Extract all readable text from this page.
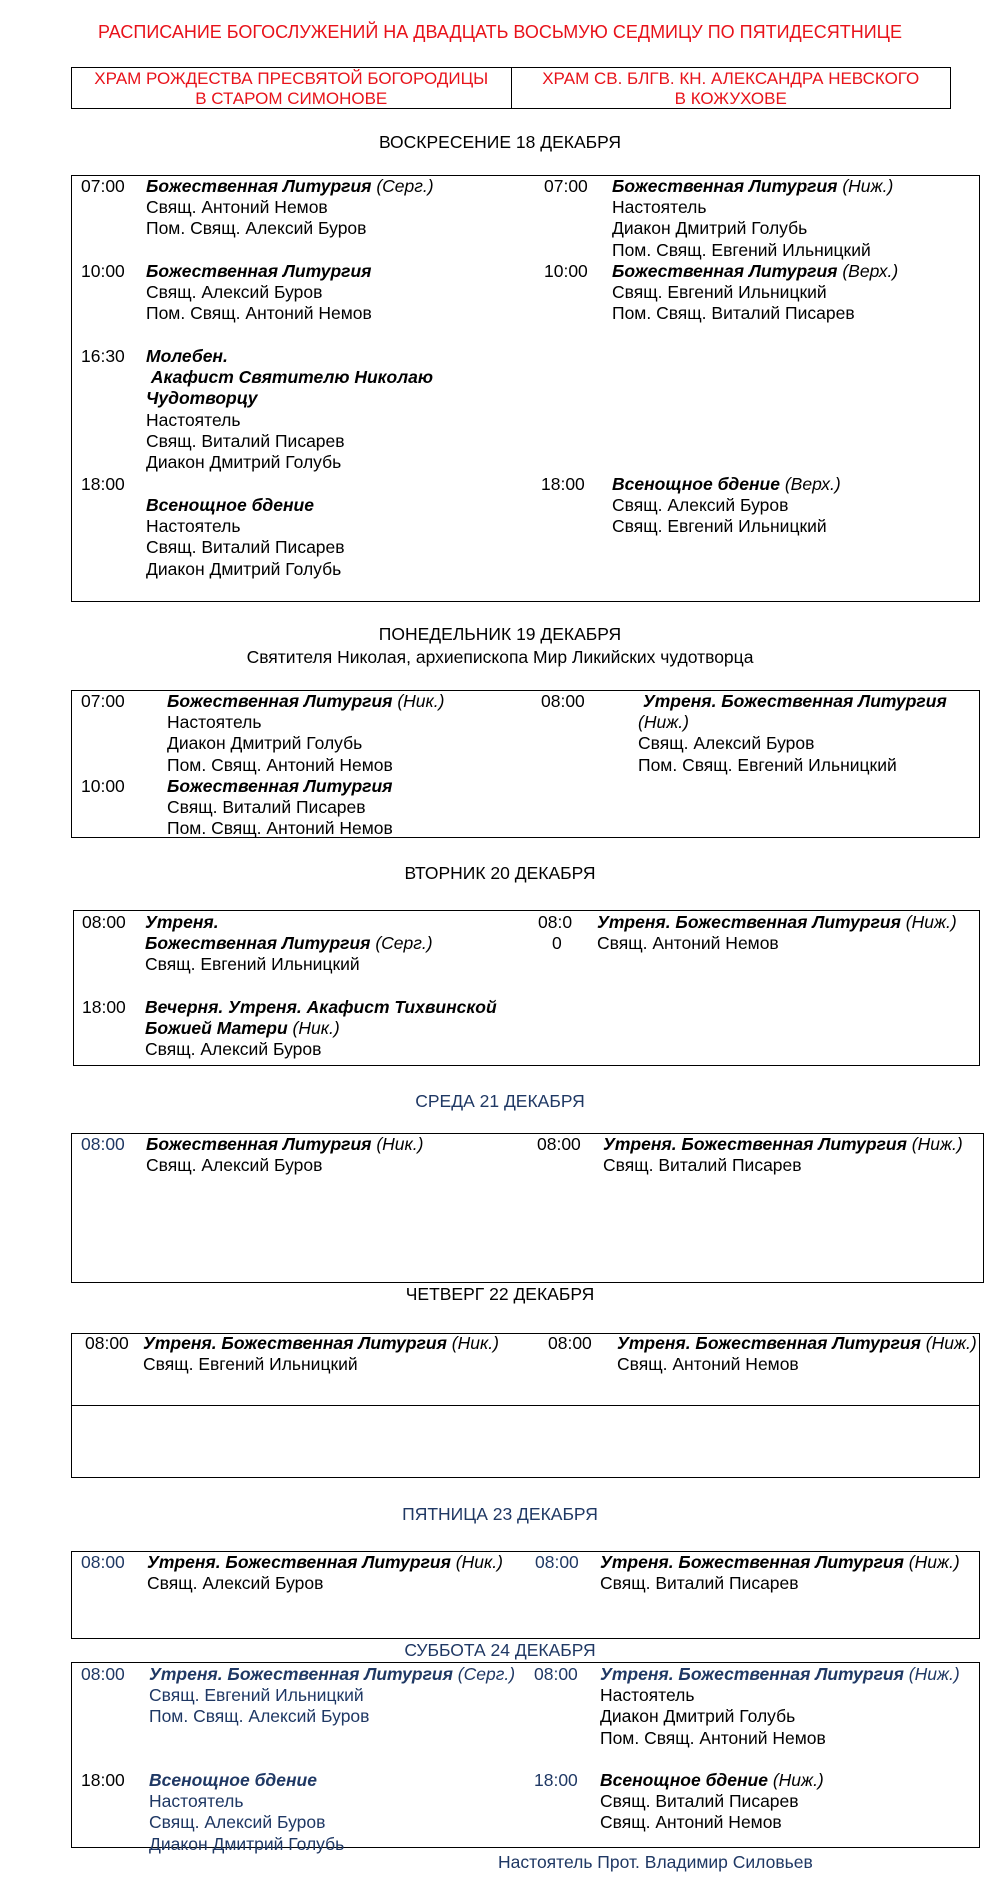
РАСПИСАНИЕ БОГОСЛУЖЕНИЙ НА ДВАДЦАТЬ ВОСЬМУЮ СЕДМИЦУ ПО ПЯТИДЕСЯТНИЦЕ
ХРАМ РОЖДЕСТВА ПРЕСВЯТОЙ БОГОРОДИЦЫ
В СТАРОМ СИМОНОВЕ
ХРАМ СВ. БЛГВ. КН. АЛЕКСАНДРА НЕВСКОГО
В КОЖУХОВЕ
ВОСКРЕСЕНИЕ 18 ДЕКАБРЯ
07:00 Божественная Литургия (Серг.)
Свящ. Антоний Немов
Пом. Свящ. Алексий Буров
10:00 Божественная Литургия
Свящ. Алексий Буров
Пом. Свящ. Антоний Немов
16:30 Молебен.
Акафист Святителю Николаю
Чудотворцу
Настоятель
Свящ. Виталий Писарев
Диакон Дмитрий Голубь
18:00
Всенощное бдение
Настоятель
Свящ. Виталий Писарев
Диакон Дмитрий Голубь
07:00 Божественная Литургия (Ниж.)
Настоятель
Диакон Дмитрий Голубь
Пом. Свящ. Евгений Ильницкий
10:00 Божественная Литургия (Верх.)
Свящ. Евгений Ильницкий
Пом. Свящ. Виталий Писарев
18:00 Всенощное бдение (Верх.)
Свящ. Алексий Буров
Свящ. Евгений Ильницкий
ПОНЕДЕЛЬНИК 19 ДЕКАБРЯ
Святителя Николая, архиепископа Мир Ликийских чудотворца
07:00 Божественная Литургия (Ник.)
Настоятель
Диакон Дмитрий Голубь
Пом. Свящ. Антоний Немов
10:00 Божественная Литургия
Свящ. Виталий Писарев
Пом. Свящ. Антоний Немов
08:00	Утреня. Божественная Литургия
(Ниж.)
Свящ. Алексий Буров
Пом. Свящ. Евгений Ильницкий
ВТОРНИК 20 ДЕКАБРЯ
08:00 Утреня.
Божественная Литургия (Серг.)
Свящ. Евгений Ильницкий
18:00 Вечерня. Утреня. Акафист Тихвинской
Божией Матери (Ник.)
Свящ. Алексий Буров
08:0
0
Утреня. Божественная Литургия (Ниж.)
Свящ. Антоний Немов
СРЕДА 21 ДЕКАБРЯ
08:00 Божественная Литургия (Ник.)
Свящ. Алексий Буров
08:00 Утреня. Божественная Литургия (Ниж.)
Свящ. Виталий Писарев
ЧЕТВЕРГ 22 ДЕКАБРЯ
08:00 Утреня. Божественная Литургия (Ник.)
Свящ. Евгений Ильницкий
08:00 Утреня. Божественная Литургия (Ниж.)
Свящ. Антоний Немов
ПЯТНИЦА 23 ДЕКАБРЯ
08:00 Утреня. Божественная Литургия (Ник.)
Свящ. Алексий Буров
08:00 Утреня. Божественная Литургия (Ниж.)
Свящ. Виталий Писарев
СУББОТА 24 ДЕКАБРЯ
08:00 Утреня. Божественная Литургия (Серг.)
Свящ. Евгений Ильницкий
Пом. Свящ. Алексий Буров
18:00 Всенощное бдение
Настоятель
Свящ. Алексий Буров
Диакон Дмитрий Голубь
08:00 Утреня. Божественная Литургия (Ниж.)
Настоятель
Диакон Дмитрий Голубь
Пом. Свящ. Антоний Немов
18:00 Всенощное бдение (Ниж.)
Свящ. Виталий Писарев
Свящ. Антоний Немов
Настоятель Прот. Владимир Силовьев
